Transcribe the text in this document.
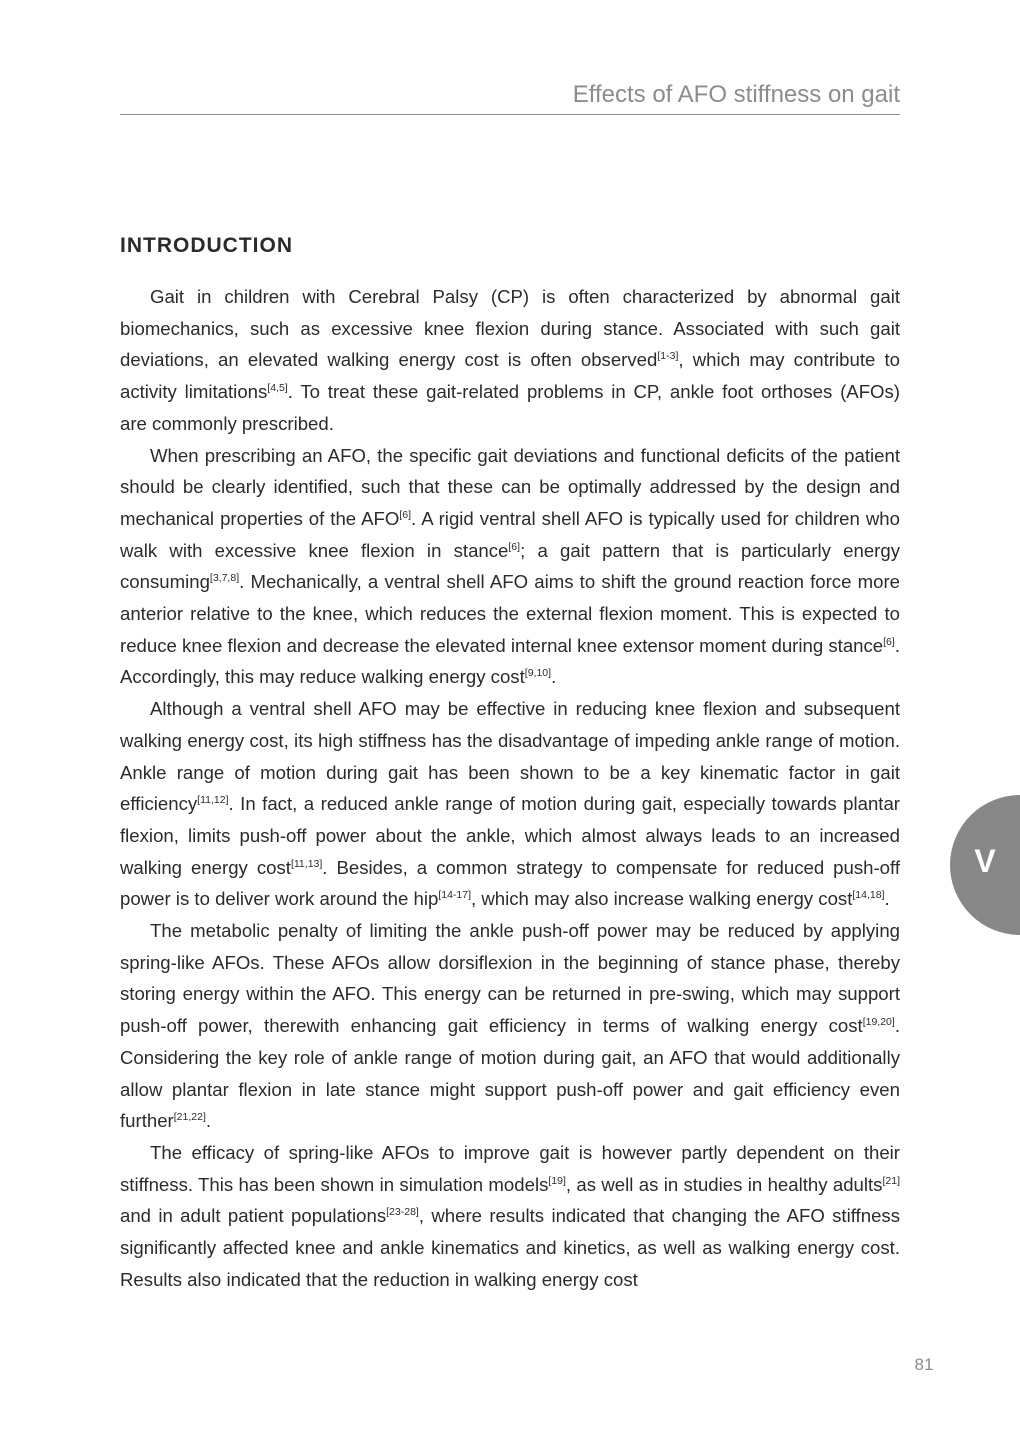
Effects of AFO stiffness on gait
INTRODUCTION

Gait in children with Cerebral Palsy (CP) is often characterized by abnormal gait biomechanics, such as excessive knee flexion during stance. Associated with such gait deviations, an elevated walking energy cost is often observed[1-3], which may contribute to activity limitations[4,5]. To treat these gait-related problems in CP, ankle foot orthoses (AFOs) are commonly prescribed.

When prescribing an AFO, the specific gait deviations and functional deficits of the patient should be clearly identified, such that these can be optimally addressed by the design and mechanical properties of the AFO[6]. A rigid ventral shell AFO is typically used for children who walk with excessive knee flexion in stance[6]; a gait pattern that is particularly energy consuming[3,7,8]. Mechanically, a ventral shell AFO aims to shift the ground reaction force more anterior relative to the knee, which reduces the external flexion moment. This is expected to reduce knee flexion and decrease the elevated internal knee extensor moment during stance[6]. Accordingly, this may reduce walking energy cost[9,10].

Although a ventral shell AFO may be effective in reducing knee flexion and subsequent walking energy cost, its high stiffness has the disadvantage of impeding ankle range of motion. Ankle range of motion during gait has been shown to be a key kinematic factor in gait efficiency[11,12]. In fact, a reduced ankle range of motion during gait, especially towards plantar flexion, limits push-off power about the ankle, which almost always leads to an increased walking energy cost[11,13]. Besides, a common strategy to compensate for reduced push-off power is to deliver work around the hip[14-17], which may also increase walking energy cost[14,18].

The metabolic penalty of limiting the ankle push-off power may be reduced by applying spring-like AFOs. These AFOs allow dorsiflexion in the beginning of stance phase, thereby storing energy within the AFO. This energy can be returned in pre-swing, which may support push-off power, therewith enhancing gait efficiency in terms of walking energy cost[19,20]. Considering the key role of ankle range of motion during gait, an AFO that would additionally allow plantar flexion in late stance might support push-off power and gait efficiency even further[21,22].

The efficacy of spring-like AFOs to improve gait is however partly dependent on their stiffness. This has been shown in simulation models[19], as well as in studies in healthy adults[21] and in adult patient populations[23-28], where results indicated that changing the AFO stiffness significantly affected knee and ankle kinematics and kinetics, as well as walking energy cost. Results also indicated that the reduction in walking energy cost

V
81
